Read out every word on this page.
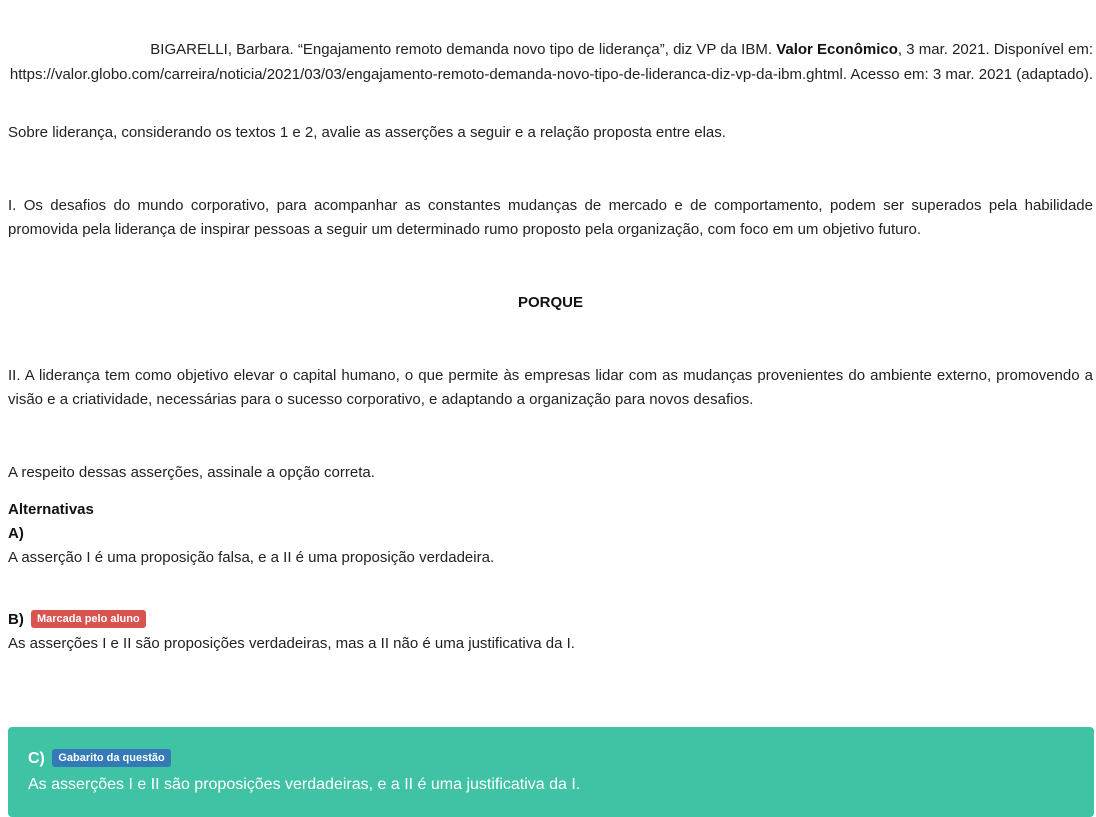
BIGARELLI, Barbara. “Engajamento remoto demanda novo tipo de liderança”, diz VP da IBM. Valor Econômico, 3 mar. 2021. Disponível em: https://valor.globo.com/carreira/noticia/2021/03/03/engajamento-remoto-demanda-novo-tipo-de-lideranca-diz-vp-da-ibm.ghtml. Acesso em: 3 mar. 2021 (adaptado).

Sobre liderança, considerando os textos 1 e 2, avalie as asserções a seguir e a relação proposta entre elas.

I. Os desafios do mundo corporativo, para acompanhar as constantes mudanças de mercado e de comportamento, podem ser superados pela habilidade promovida pela liderança de inspirar pessoas a seguir um determinado rumo proposto pela organização, com foco em um objetivo futuro.

PORQUE

II. A liderança tem como objetivo elevar o capital humano, o que permite às empresas lidar com as mudanças provenientes do ambiente externo, promovendo a visão e a criatividade, necessárias para o sucesso corporativo, e adaptando a organização para novos desafios.

A respeito dessas asserções, assinale a opção correta.

Alternativas
A)
A asserção I é uma proposição falsa, e a II é uma proposição verdadeira.
B) Marcada pelo aluno
As asserções I e II são proposições verdadeiras, mas a II não é uma justificativa da I.
C) Gabarito da questão
As asserções I e II são proposições verdadeiras, e a II é uma justificativa da I.
